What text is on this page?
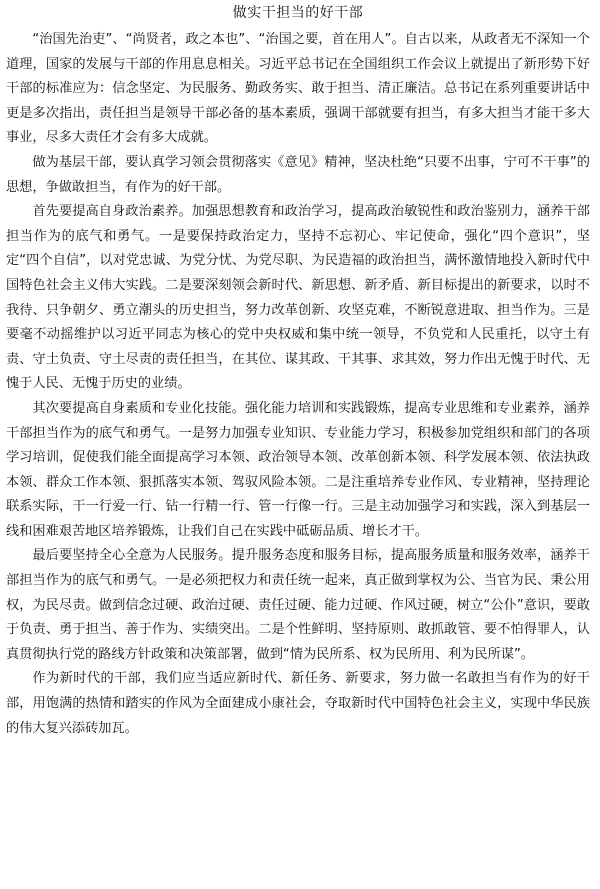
做实干担当的好干部

“治国先治吏”、“尚贤者，政之本也”、“治国之要，首在用人”。自古以来，从政者无不深知一个道理，国家的发展与干部的作用息息相关。习近平总书记在全国组织工作会议上就提出了新形势下好干部的标准应为：信念坚定、为民服务、勤政务实、敢于担当、清正廉洁。总书记在系列重要讲话中更是多次指出，责任担当是领导干部必备的基本素质，强调干部就要有担当，有多大担当才能干多大事业，尽多大责任才会有多大成就。

做为基层干部，要认真学习领会贯彻落实《意见》精神，坚决杜绝“只要不出事，宁可不干事”的思想，争做敢担当，有作为的好干部。

首先要提高自身政治素养。加强思想教育和政治学习，提高政治敏锐性和政治鉴别力，涵养干部担当作为的底气和勇气。一是要保持政治定力，坚持不忘初心、牢记使命，强化“四个意识”，坚定“四个自信”，以对党忠诚、为党分忧、为党尽职、为民造福的政治担当，满怀激情地投入新时代中国特色社会主义伟大实践。二是要深刻领会新时代、新思想、新矛盾、新目标提出的新要求，以时不我待、只争朝夕、勇立潮头的历史担当，努力改革创新、攻坚克难，不断锐意进取、担当作为。三是要毫不动摇维护以习近平同志为核心的党中央权威和集中统一领导，不负党和人民重托，以守土有责、守土负责、守土尽责的责任担当，在其位、谋其政、干其事、求其效，努力作出无愧于时代、无愧于人民、无愧于历史的业绩。

其次要提高自身素质和专业化技能。强化能力培训和实践锻炼，提高专业思维和专业素养，涵养干部担当作为的底气和勇气。一是努力加强专业知识、专业能力学习，积极参加党组织和部门的各项学习培训，促使我们能全面提高学习本领、政治领导本领、改革创新本领、科学发展本领、依法执政本领、群众工作本领、狠抓落实本领、驾驭风险本领。二是注重培养专业作风、专业精神，坚持理论联系实际，干一行爱一行、钻一行精一行、管一行像一行。三是主动加强学习和实践，深入到基层一线和困难艰苦地区培养锻炼，让我们自己在实践中砥砺品质、增长才干。

最后要坚持全心全意为人民服务。提升服务态度和服务目标，提高服务质量和服务效率，涵养干部担当作为的底气和勇气。一是必须把权力和责任统一起来，真正做到掌权为公、当官为民、秉公用权，为民尽责。做到信念过硬、政治过硬、责任过硬、能力过硬、作风过硬，树立“公仆”意识，要敢于负责、勇于担当、善于作为、实绩突出。二是个性鲜明、坚持原则、敢抓敢管、要不怕得罪人，认真贯彻执行党的路线方针政策和决策部署，做到“情为民所系、权为民所用、利为民所谋”。

作为新时代的干部，我们应当适应新时代、新任务、新要求，努力做一名敢担当有作为的好干部，用饱满的热情和踏实的作风为全面建成小康社会，夺取新时代中国特色社会主义，实现中华民族的伟大复兴添砖加瓦。
